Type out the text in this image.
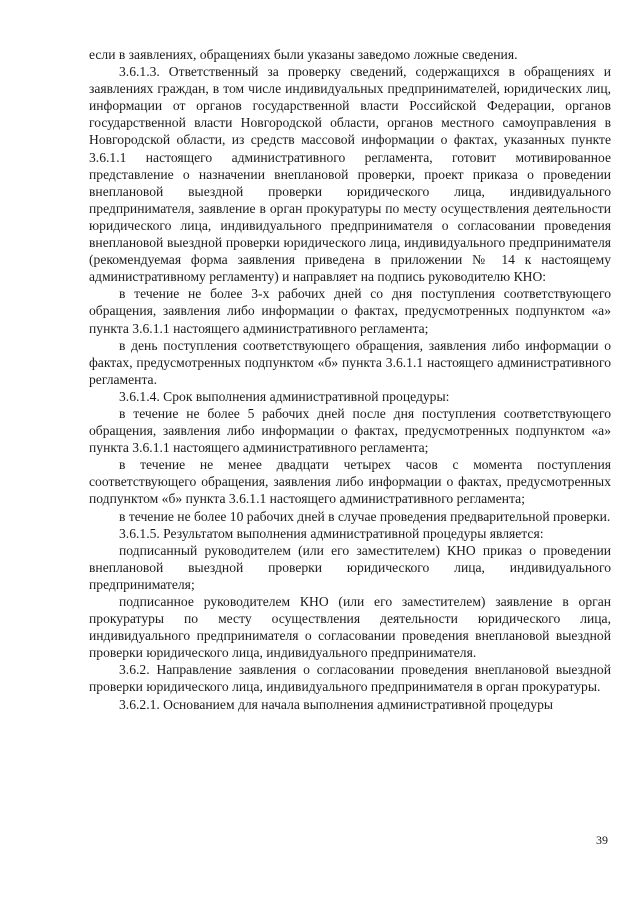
если в заявлениях, обращениях были указаны заведомо ложные сведения.

3.6.1.3. Ответственный за проверку сведений, содержащихся в обращениях и заявлениях граждан, в том числе индивидуальных предпринимателей, юридических лиц, информации от органов государственной власти Российской Федерации, органов государственной власти Новгородской области, органов местного самоуправления в Новгородской области, из средств массовой информации о фактах, указанных пункте 3.6.1.1 настоящего административного регламента, готовит мотивированное представление о назначении внеплановой проверки, проект приказа о проведении внеплановой выездной проверки юридического лица, индивидуального предпринимателя, заявление в орган прокуратуры по месту осуществления деятельности юридического лица, индивидуального предпринимателя о согласовании проведения внеплановой выездной проверки юридического лица, индивидуального предпринимателя (рекомендуемая форма заявления приведена в приложении № 14 к настоящему административному регламенту) и направляет на подпись руководителю КНО:

в течение не более 3-х рабочих дней со дня поступления соответствующего обращения, заявления либо информации о фактах, предусмотренных подпунктом «а» пункта 3.6.1.1 настоящего административного регламента;

в день поступления соответствующего обращения, заявления либо информации о фактах, предусмотренных подпунктом «б» пункта 3.6.1.1 настоящего административного регламента.

3.6.1.4. Срок выполнения административной процедуры:

в течение не более 5 рабочих дней после дня поступления соответствующего обращения, заявления либо информации о фактах, предусмотренных подпунктом «а» пункта 3.6.1.1 настоящего административного регламента;

в течение не менее двадцати четырех часов с момента поступления соответствующего обращения, заявления либо информации о фактах, предусмотренных подпунктом «б» пункта 3.6.1.1 настоящего административного регламента;

в течение не более 10 рабочих дней в случае проведения предварительной проверки.

3.6.1.5. Результатом выполнения административной процедуры является:

подписанный руководителем (или его заместителем) КНО приказ о проведении внеплановой выездной проверки юридического лица, индивидуального предпринимателя;

подписанное руководителем КНО (или его заместителем) заявление в орган прокуратуры по месту осуществления деятельности юридического лица, индивидуального предпринимателя о согласовании проведения внеплановой выездной проверки юридического лица, индивидуального предпринимателя.

3.6.2. Направление заявления о согласовании проведения внеплановой выездной проверки юридического лица, индивидуального предпринимателя в орган прокуратуры.

3.6.2.1. Основанием для начала выполнения административной процедуры

39
